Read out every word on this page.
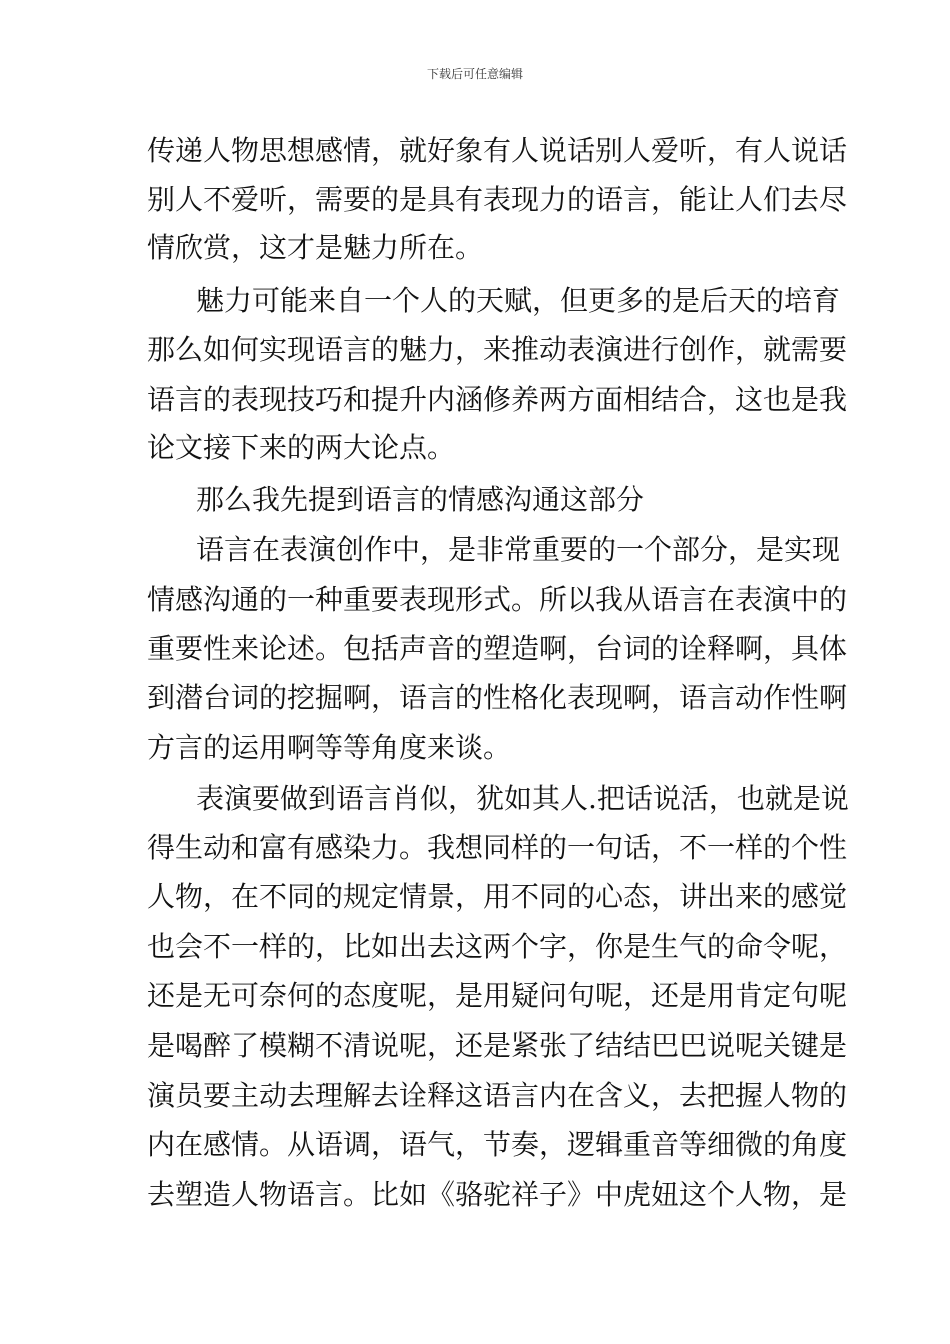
下载后可任意编辑
传递人物思想感情，就好象有人说话别人爱听，有人说话
别人不爱听，需要的是具有表现力的语言，能让人们去尽
情欣赏，这才是魅力所在。
魅力可能来自一个人的天赋，但更多的是后天的培育
那么如何实现语言的魅力，来推动表演进行创作，就需要
语言的表现技巧和提升内涵修养两方面相结合，这也是我
论文接下来的两大论点。
那么我先提到语言的情感沟通这部分
语言在表演创作中，是非常重要的一个部分，是实现
情感沟通的一种重要表现形式。所以我从语言在表演中的
重要性来论述。包括声音的塑造啊，台词的诠释啊，具体
到潜台词的挖掘啊，语言的性格化表现啊，语言动作性啊
方言的运用啊等等角度来谈。
表演要做到语言肖似，犹如其人.把话说活，也就是说
得生动和富有感染力。我想同样的一句话，不一样的个性
人物，在不同的规定情景，用不同的心态，讲出来的感觉
也会不一样的，比如出去这两个字，你是生气的命令呢，
还是无可奈何的态度呢，是用疑问句呢，还是用肯定句呢
是喝醉了模糊不清说呢，还是紧张了结结巴巴说呢关键是
演员要主动去理解去诠释这语言内在含义，去把握人物的
内在感情。从语调，语气，节奏，逻辑重音等细微的角度
去塑造人物语言。比如《骆驼祥子》中虎妞这个人物，是
